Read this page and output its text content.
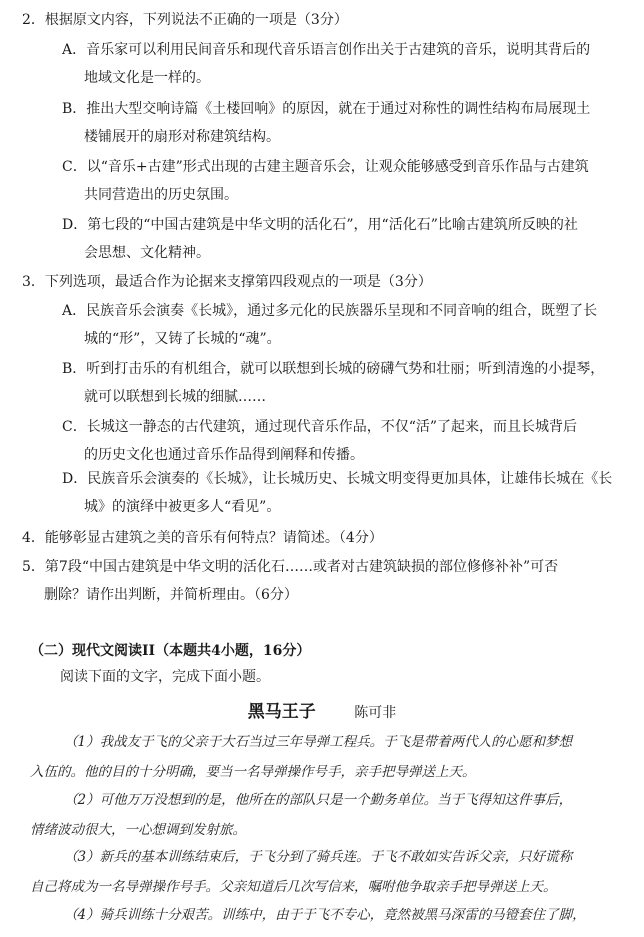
2．根据原文内容，下列说法不正确的一项是（3分）

A．音乐家可以利用民间音乐和现代音乐语言创作出关于古建筑的音乐，说明其背后的
地域文化是一样的。
B．推出大型交响诗篇《土楼回响》的原因，就在于通过对称性的调性结构布局展现土
楼铺展开的扇形对称建筑结构。
C．以“音乐+古建”形式出现的古建主题音乐会，让观众能够感受到音乐作品与古建筑
共同营造出的历史氛围。
D．第七段的“中国古建筑是中华文明的活化石”，用“活化石”比喻古建筑所反映的社
会思想、文化精神。

3．下列选项，最适合作为论据来支撑第四段观点的一项是（3分）

A．民族音乐会演奏《长城》，通过多元化的民族器乐呈现和不同音响的组合，既塑了长
城的“形”，又铸了长城的“魂”。
B．听到打击乐的有机组合，就可以联想到长城的磅礴气势和壮丽；听到清逸的小提琴，
就可以联想到长城的细腻……
C．长城这一静态的古代建筑，通过现代音乐作品，不仅“活”了起来，而且长城背后
的历史文化也通过音乐作品得到阐释和传播。
D．民族音乐会演奏的《长城》，让长城历史、长城文明变得更加具体，让雄伟长城在《长
城》的演绎中被更多人“看见”。

4．能够彰显古建筑之美的音乐有何特点？请简述。（4分）

5．第7段“中国古建筑是中华文明的活化石……或者对古建筑缺损的部位修修补补”可否
删除？请作出判断，并简析理由。（6分）
（二）现代文阅读II（本题共4小题，16分）
阅读下面的文字，完成下面小题。
黑马王子	陈可非
（1）我战友于飞的父亲于大石当过三年导弹工程兵。于飞是带着两代人的心愿和梦想
入伍的。他的目的十分明确，要当一名导弹操作号手，亲手把导弹送上天。
（2）可他万万没想到的是，他所在的部队只是一个勤务单位。当于飞得知这件事后，
情绪波动很大，一心想调到发射旅。
（3）新兵的基本训练结束后，于飞分到了骑兵连。于飞不敢如实告诉父亲，只好谎称
自己将成为一名导弹操作号手。父亲知道后几次写信来，嘱咐他争取亲手把导弹送上天。
（4）骑兵训练十分艰苦。训练中，由于于飞不专心，竟然被黑马深雷的马镫套住了脚，
